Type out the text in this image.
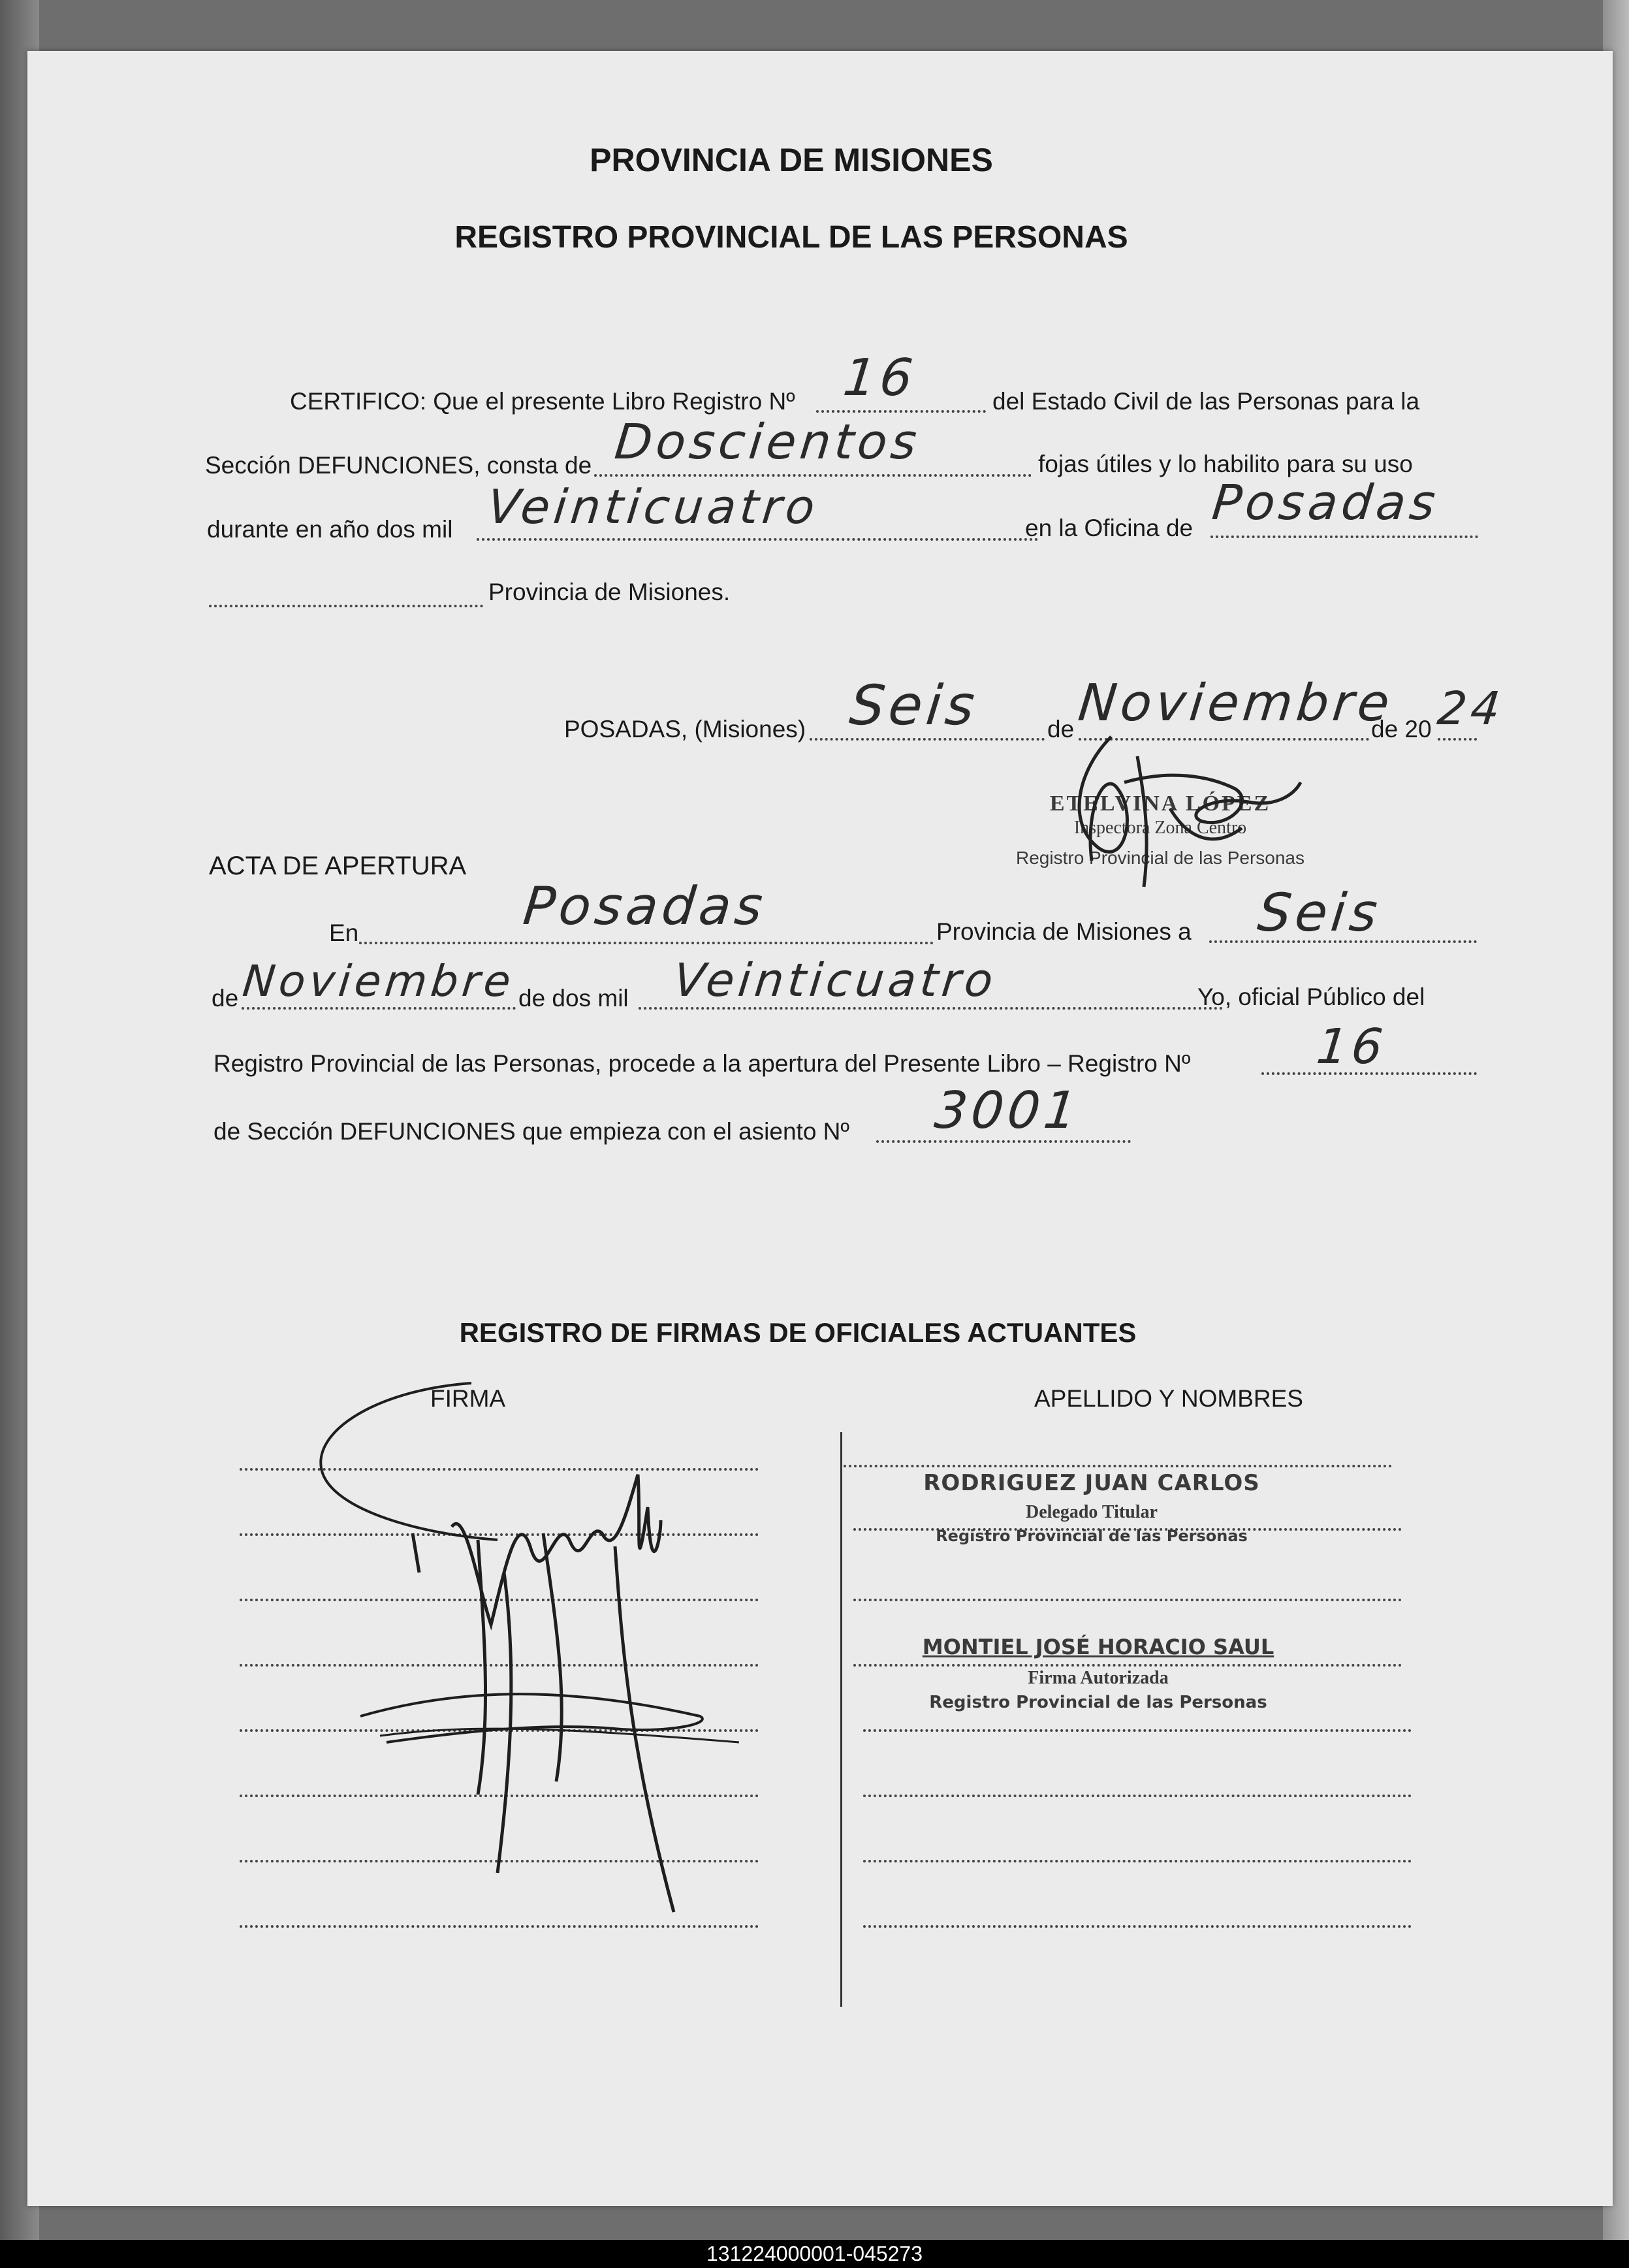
PROVINCIA DE MISIONES
REGISTRO PROVINCIAL DE LAS PERSONAS
CERTIFICO: Que el presente Libro Registro Nº 16	del Estado Civil de las Personas para la
Sección DEFUNCIONES, consta de Doscientos	fojas útiles y lo habilito para su uso
durante en año dos mil Veinticuatro	en la Oficina de Posadas
Provincia de Misiones.
POSADAS, (Misiones) Seis	de Noviembre
de 20 24
ETELVINA LÓPEZ
Inspectora Zona Centro
Registro Provincial de las Personas
ACTA DE APERTURA
En	Posadas	Provincia de Misiones a Seis
de Noviembre de dos mil Veinticuatro	Yo, oficial Público del
Registro Provincial de las Personas, procede a la apertura del Presente Libro – Registro Nº	16
de Sección DEFUNCIONES que empieza con el asiento Nº 3001
REGISTRO DE FIRMAS DE OFICIALES ACTUANTES
FIRMA	APELLIDO Y NOMBRES
RODRIGUEZ JUAN CARLOS
Delegado Titular
Registro Provincial de las Personas
MONTIEL JOSÉ HORACIO SAUL
Firma Autorizada
Registro Provincial de las Personas
131224000001-045273
